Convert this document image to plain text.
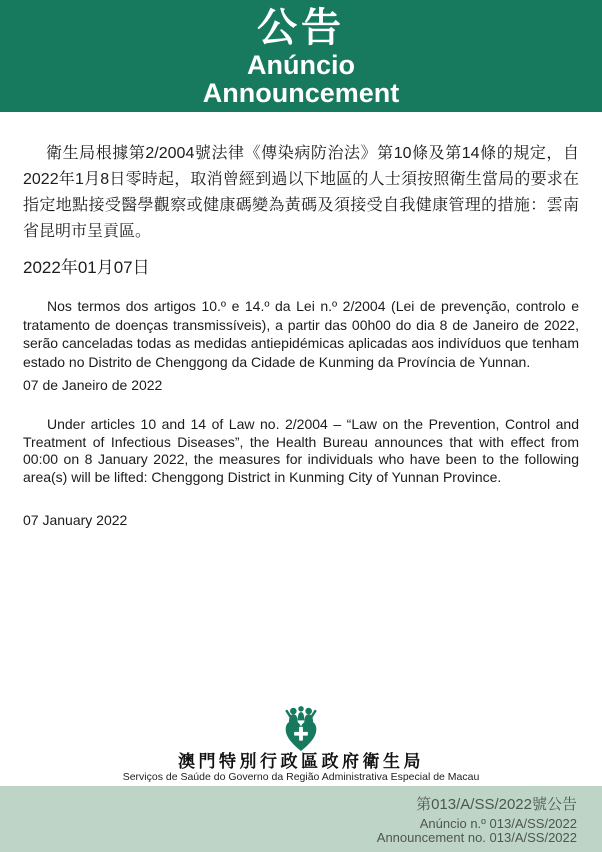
公告
Anúncio
Announcement

衛生局根據第2/2004號法律《傳染病防治法》第10條及第14條的規定，自2022年1月8日零時起，取消曾經到過以下地區的人士須按照衛生當局的要求在指定地點接受醫學觀察或健康碼變為黃碼及須接受自我健康管理的措施：雲南省昆明市呈貢區。

2022年01月07日

Nos termos dos artigos 10.º e 14.º da Lei n.º 2/2004 (Lei de prevenção, controlo e tratamento de doenças transmissíveis), a partir das 00h00 do dia 8 de Janeiro de 2022, serão canceladas todas as medidas antiepidémicas aplicadas aos indivíduos que tenham estado no Distrito de Chenggong da Cidade de Kunming da Província de Yunnan.

07 de Janeiro de 2022

Under articles 10 and 14 of Law no. 2/2004 – “Law on the Prevention, Control and Treatment of Infectious Diseases”, the Health Bureau announces that with effect from 00:00 on 8 January 2022, the measures for individuals who have been to the following area(s) will be lifted: Chenggong District in Kunming City of Yunnan Province.

07 January 2022
澳門特別行政區政府衛生局
Serviços de Saúde do Governo da Região Administrativa Especial de Macau
第013/A/SS/2022號公告
Anúncio n.º 013/A/SS/2022
Announcement no. 013/A/SS/2022
